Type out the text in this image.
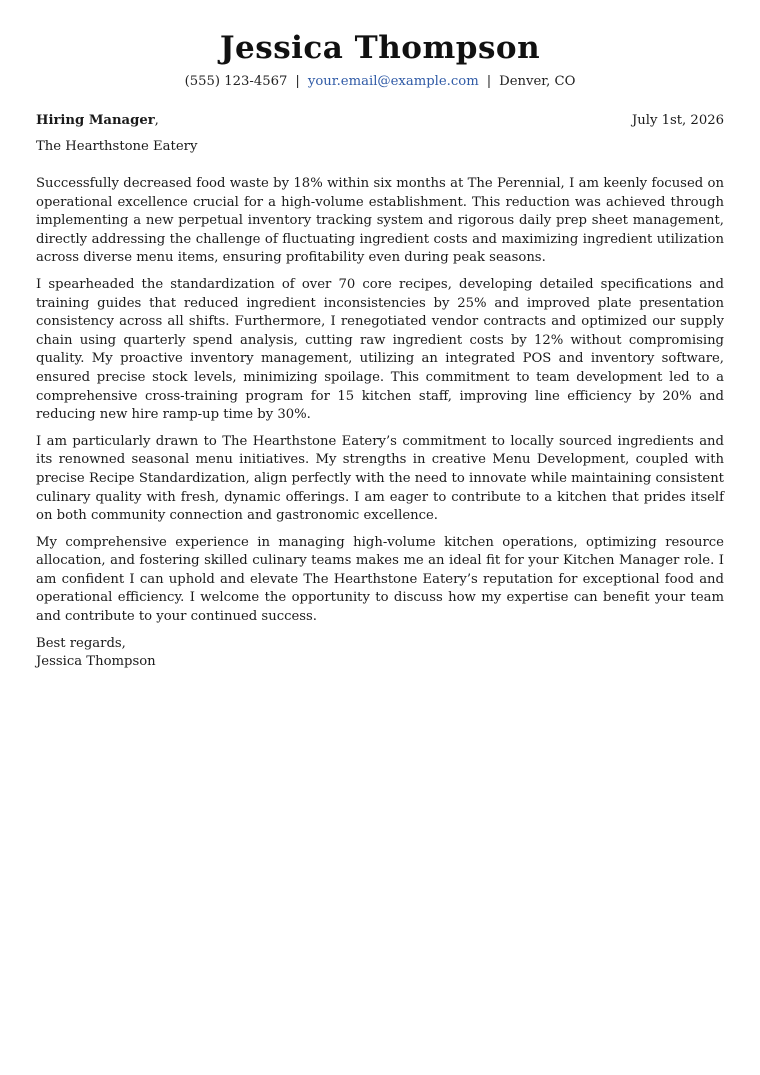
Jessica Thompson
(555) 123-4567 | your.email@example.com | Denver, CO
Hiring Manager,	July 1st, 2026
The Hearthstone Eatery

Successfully decreased food waste by 18% within six months at The Perennial, I am keenly focused on operational excellence crucial for a high-volume establishment. This reduction was achieved through implementing a new perpetual inventory tracking system and rigorous daily prep sheet management, directly addressing the challenge of fluctuating ingredient costs and maximizing ingredient utilization across diverse menu items, ensuring profitability even during peak seasons.

I spearheaded the standardization of over 70 core recipes, developing detailed specifications and training guides that reduced ingredient inconsistencies by 25% and improved plate presentation consistency across all shifts. Furthermore, I renegotiated vendor contracts and optimized our supply chain using quarterly spend analysis, cutting raw ingredient costs by 12% without compromising quality. My proactive inventory management, utilizing an integrated POS and inventory software, ensured precise stock levels, minimizing spoilage. This commitment to team development led to a comprehensive cross-training program for 15 kitchen staff, improving line efficiency by 20% and reducing new hire ramp-up time by 30%.

I am particularly drawn to The Hearthstone Eatery’s commitment to locally sourced ingredients and its renowned seasonal menu initiatives. My strengths in creative Menu Development, coupled with precise Recipe Standardization, align perfectly with the need to innovate while maintaining consistent culinary quality with fresh, dynamic offerings. I am eager to contribute to a kitchen that prides itself on both community connection and gastronomic excellence.

My comprehensive experience in managing high-volume kitchen operations, optimizing resource allocation, and fostering skilled culinary teams makes me an ideal fit for your Kitchen Manager role. I am confident I can uphold and elevate The Hearthstone Eatery’s reputation for exceptional food and operational efficiency. I welcome the opportunity to discuss how my expertise can benefit your team and contribute to your continued success.

Best regards,
Jessica Thompson
